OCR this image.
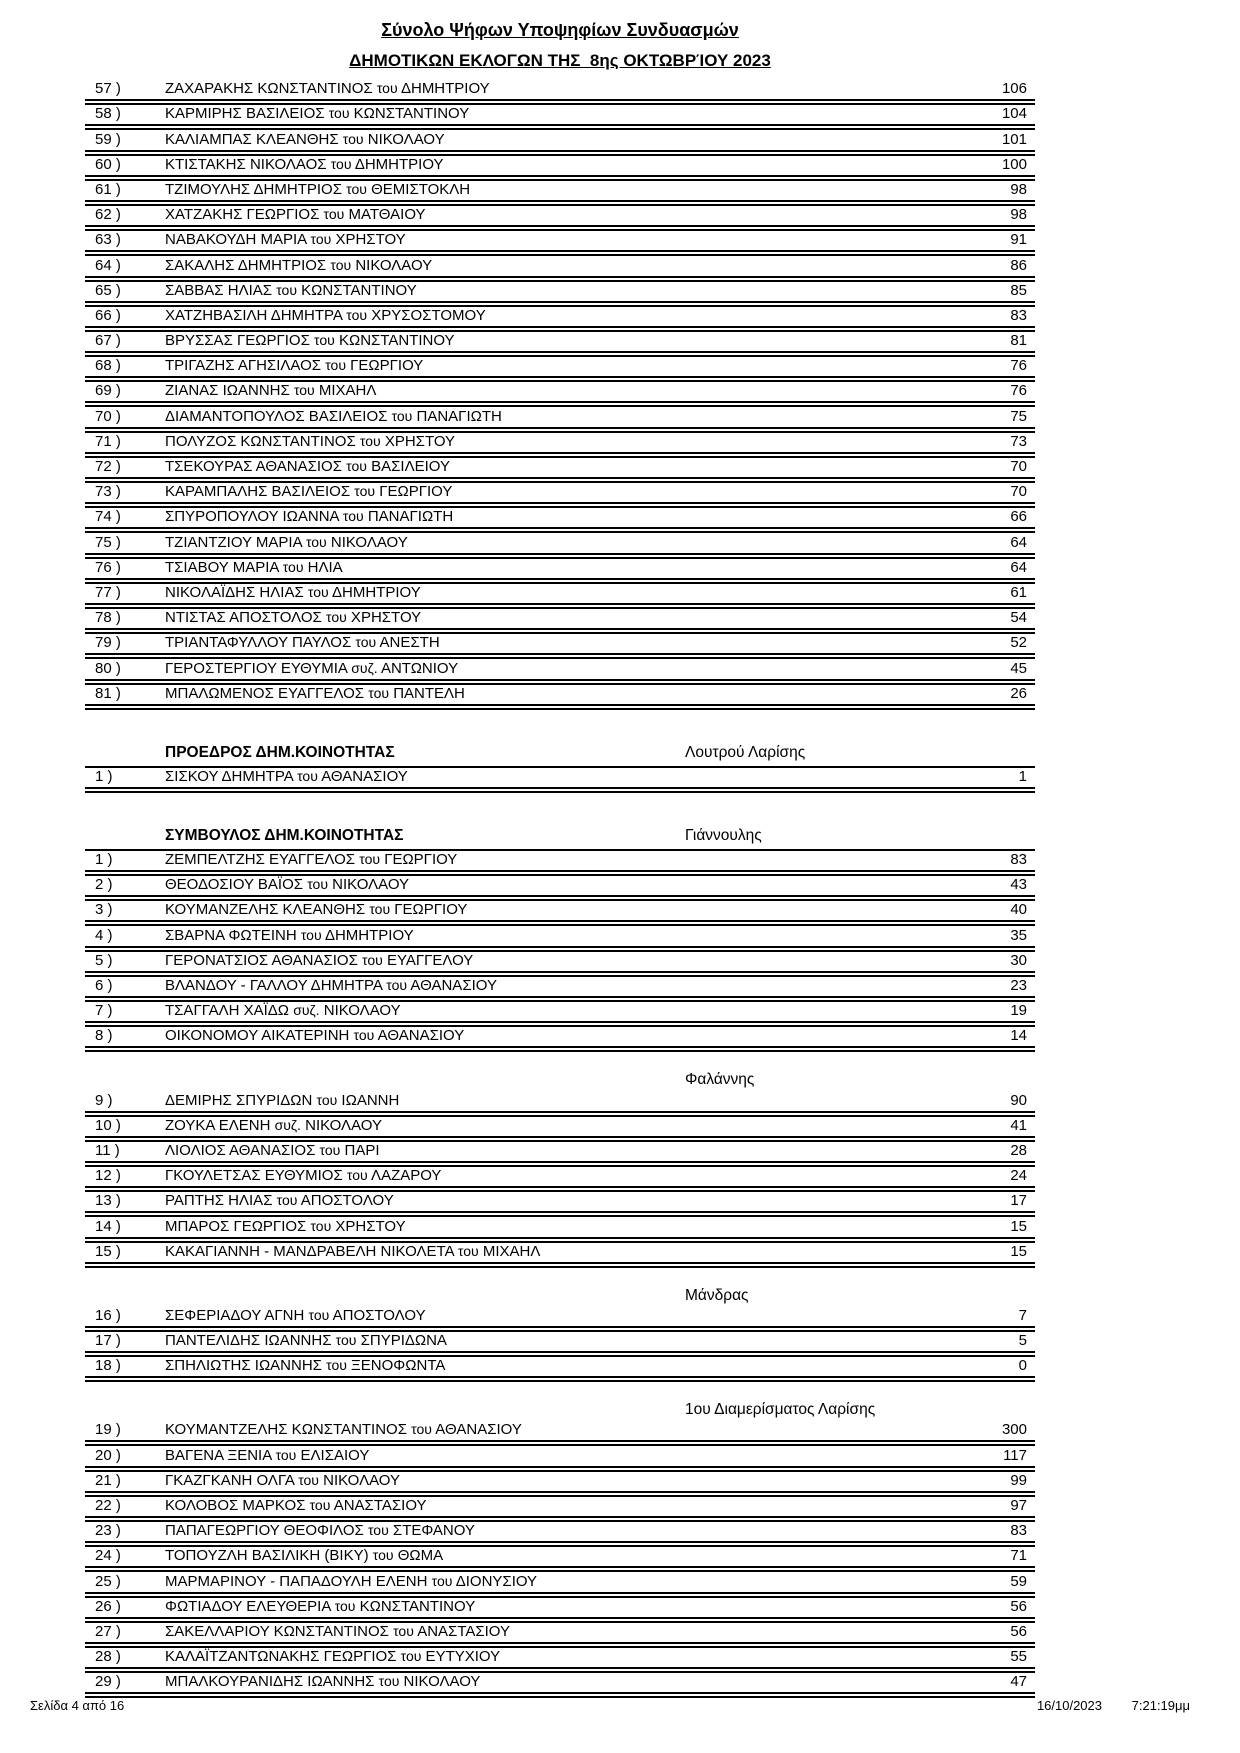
Σύνολο Ψήφων Υποψηφίων Συνδυασμών
ΔΗΜΟΤΙΚΩΝ ΕΚΛΟΓΩΝ ΤΗΣ  8ης ΟΚΤΩΒΡΊΟΥ 2023
57 )	ΖΑΧΑΡΑΚΗΣ ΚΩΝΣΤΑΝΤΙΝΟΣ του ΔΗΜΗΤΡΙΟΥ	106
58 )	ΚΑΡΜΙΡΗΣ ΒΑΣΙΛΕΙΟΣ του ΚΩΝΣΤΑΝΤΙΝΟΥ	104
59 )	ΚΑΛΙΑΜΠΑΣ ΚΛΕΑΝΘΗΣ του ΝΙΚΟΛΑΟΥ	101
60 )	ΚΤΙΣΤΑΚΗΣ ΝΙΚΟΛΑΟΣ του ΔΗΜΗΤΡΙΟΥ	100
61 )	ΤΖΙΜΟΥΛΗΣ ΔΗΜΗΤΡΙΟΣ του ΘΕΜΙΣΤΟΚΛΗ	98
62 )	ΧΑΤΖΑΚΗΣ ΓΕΩΡΓΙΟΣ του ΜΑΤΘΑΙΟΥ	98
63 )	ΝΑΒΑΚΟΥΔΗ ΜΑΡΙΑ του ΧΡΗΣΤΟΥ	91
64 )	ΣΑΚΑΛΗΣ ΔΗΜΗΤΡΙΟΣ του ΝΙΚΟΛΑΟΥ	86
65 )	ΣΑΒΒΑΣ ΗΛΙΑΣ του ΚΩΝΣΤΑΝΤΙΝΟΥ	85
66 )	ΧΑΤΖΗΒΑΣΙΛΗ ΔΗΜΗΤΡΑ του ΧΡΥΣΟΣΤΟΜΟΥ	83
67 )	ΒΡΥΣΣΑΣ ΓΕΩΡΓΙΟΣ του ΚΩΝΣΤΑΝΤΙΝΟΥ	81
68 )	ΤΡΙΓΑΖΗΣ ΑΓΗΣΙΛΑΟΣ του ΓΕΩΡΓΙΟΥ	76
69 )	ΖΙΑΝΑΣ ΙΩΑΝΝΗΣ του ΜΙΧΑΗΛ	76
70 )	ΔΙΑΜΑΝΤΟΠΟΥΛΟΣ ΒΑΣΙΛΕΙΟΣ του ΠΑΝΑΓΙΩΤΗ	75
71 )	ΠΟΛΥΖΟΣ ΚΩΝΣΤΑΝΤΙΝΟΣ του ΧΡΗΣΤΟΥ	73
72 )	ΤΣΕΚΟΥΡΑΣ ΑΘΑΝΑΣΙΟΣ του ΒΑΣΙΛΕΙΟΥ	70
73 )	ΚΑΡΑΜΠΑΛΗΣ ΒΑΣΙΛΕΙΟΣ του ΓΕΩΡΓΙΟΥ	70
74 )	ΣΠΥΡΟΠΟΥΛΟΥ ΙΩΑΝΝΑ του ΠΑΝΑΓΙΩΤΗ	66
75 )	ΤΖΙΑΝΤΖΙΟΥ ΜΑΡΙΑ του ΝΙΚΟΛΑΟΥ	64
76 )	ΤΣΙΑΒΟΥ ΜΑΡΙΑ του ΗΛΙΑ	64
77 )	ΝΙΚΟΛΑΪΔΗΣ ΗΛΙΑΣ του ΔΗΜΗΤΡΙΟΥ	61
78 )	ΝΤΙΣΤΑΣ ΑΠΟΣΤΟΛΟΣ του ΧΡΗΣΤΟΥ	54
79 )	ΤΡΙΑΝΤΑΦΥΛΛΟΥ ΠΑΥΛΟΣ του ΑΝΕΣΤΗ	52
80 )	ΓΕΡΟΣΤΕΡΓΙΟΥ ΕΥΘΥΜΙΑ συζ. ΑΝΤΩΝΙΟΥ	45
81 )	ΜΠΑΛΩΜΕΝΟΣ ΕΥΑΓΓΕΛΟΣ του ΠΑΝΤΕΛΗ	26
ΠΡΟΕΔΡΟΣ ΔΗΜ.ΚΟΙΝΟΤΗΤΑΣ	Λουτρού Λαρίσης
1 )	ΣΙΣΚΟΥ ΔΗΜΗΤΡΑ του ΑΘΑΝΑΣΙΟΥ	1
ΣΥΜΒΟΥΛΟΣ ΔΗΜ.ΚΟΙΝΟΤΗΤΑΣ	Γιάννουλης
1 )	ΖΕΜΠΕΛΤΖΗΣ ΕΥΑΓΓΕΛΟΣ του ΓΕΩΡΓΙΟΥ	83
2 )	ΘΕΟΔΟΣΙΟΥ ΒΑΪΟΣ του ΝΙΚΟΛΑΟΥ	43
3 )	ΚΟΥΜΑΝΖΕΛΗΣ ΚΛΕΑΝΘΗΣ του ΓΕΩΡΓΙΟΥ	40
4 )	ΣΒΑΡΝΑ ΦΩΤΕΙΝΗ του ΔΗΜΗΤΡΙΟΥ	35
5 )	ΓΕΡΟΝΑΤΣΙΟΣ ΑΘΑΝΑΣΙΟΣ του ΕΥΑΓΓΕΛΟΥ	30
6 )	ΒΛΑΝΔΟΥ - ΓΑΛΛΟΥ ΔΗΜΗΤΡΑ του ΑΘΑΝΑΣΙΟΥ	23
7 )	ΤΣΑΓΓΑΛΗ ΧΑΪΔΩ συζ. ΝΙΚΟΛΑΟΥ	19
8 )	ΟΙΚΟΝΟΜΟΥ ΑΙΚΑΤΕΡΙΝΗ του ΑΘΑΝΑΣΙΟΥ	14
Φαλάννης
9 )	ΔΕΜΙΡΗΣ ΣΠΥΡΙΔΩΝ του ΙΩΑΝΝΗ	90
10 )	ΖΟΥΚΑ ΕΛΕΝΗ συζ. ΝΙΚΟΛΑΟΥ	41
11 )	ΛΙΟΛΙΟΣ ΑΘΑΝΑΣΙΟΣ του ΠΑΡΙ	28
12 )	ΓΚΟΥΛΕΤΣΑΣ ΕΥΘΥΜΙΟΣ του ΛΑΖΑΡΟΥ	24
13 )	ΡΑΠΤΗΣ ΗΛΙΑΣ του ΑΠΟΣΤΟΛΟΥ	17
14 )	ΜΠΑΡΟΣ ΓΕΩΡΓΙΟΣ του ΧΡΗΣΤΟΥ	15
15 )	ΚΑΚΑΓΙΑΝΝΗ - ΜΑΝΔΡΑΒΕΛΗ ΝΙΚΟΛΕΤΑ του ΜΙΧΑΗΛ	15
Μάνδρας
16 )	ΣΕΦΕΡΙΑΔΟΥ ΑΓΝΗ του ΑΠΟΣΤΟΛΟΥ	7
17 )	ΠΑΝΤΕΛΙΔΗΣ ΙΩΑΝΝΗΣ του ΣΠΥΡΙΔΩΝΑ	5
18 )	ΣΠΗΛΙΩΤΗΣ ΙΩΑΝΝΗΣ του ΞΕΝΟΦΩΝΤΑ	0
1ου Διαμερίσματος Λαρίσης
19 )	ΚΟΥΜΑΝΤΖΕΛΗΣ ΚΩΝΣΤΑΝΤΙΝΟΣ του ΑΘΑΝΑΣΙΟΥ	300
20 )	ΒΑΓΕΝΑ ΞΕΝΙΑ του ΕΛΙΣΑΙΟΥ	117
21 )	ΓΚΑΖΓΚΑΝΗ ΟΛΓΑ του ΝΙΚΟΛΑΟΥ	99
22 )	ΚΟΛΟΒΟΣ ΜΑΡΚΟΣ του ΑΝΑΣΤΑΣΙΟΥ	97
23 )	ΠΑΠΑΓΕΩΡΓΙΟΥ ΘΕΟΦΙΛΟΣ του ΣΤΕΦΑΝΟΥ	83
24 )	ΤΟΠΟΥΖΛΗ ΒΑΣΙΛΙΚΗ (ΒΙΚΥ) του ΘΩΜΑ	71
25 )	ΜΑΡΜΑΡΙΝΟΥ - ΠΑΠΑΔΟΥΛΗ ΕΛΕΝΗ του ΔΙΟΝΥΣΙΟΥ	59
26 )	ΦΩΤΙΑΔΟΥ ΕΛΕΥΘΕΡΙΑ του ΚΩΝΣΤΑΝΤΙΝΟΥ	56
27 )	ΣΑΚΕΛΛΑΡΙΟΥ ΚΩΝΣΤΑΝΤΙΝΟΣ του ΑΝΑΣΤΑΣΙΟΥ	56
28 )	ΚΑΛΑΪΤΖΑΝΤΩΝΑΚΗΣ ΓΕΩΡΓΙΟΣ του ΕΥΤΥΧΙΟΥ	55
29 )	ΜΠΑΛΚΟΥΡΑΝΙΔΗΣ ΙΩΑΝΝΗΣ του ΝΙΚΟΛΑΟΥ	47
Σελίδα 4 από 16	16/10/2023 7:21:19μμ
